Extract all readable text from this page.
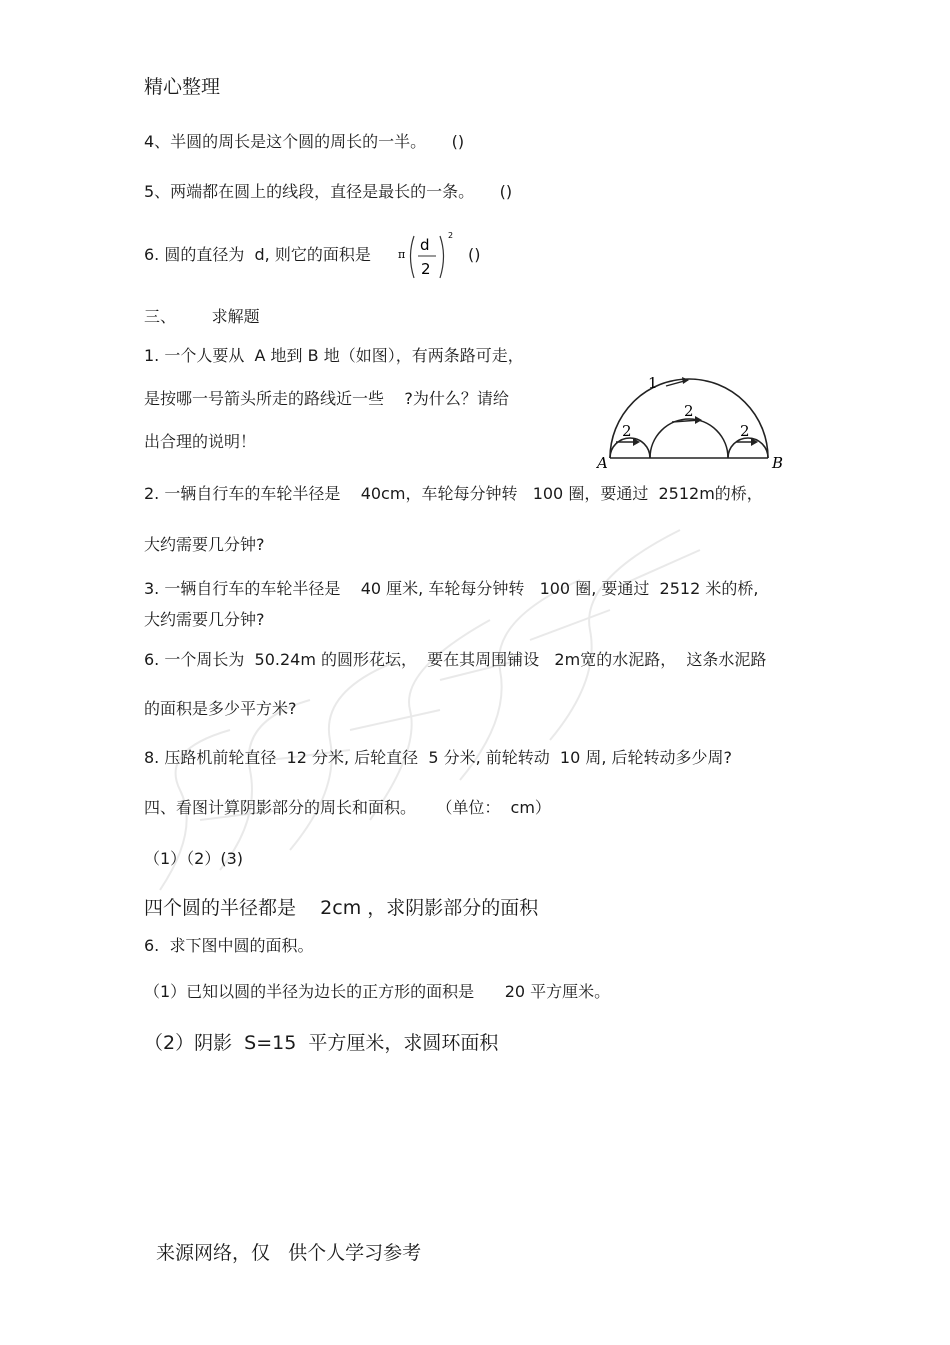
精心整理
4、半圆的周长是这个圆的周长的一半。     ()
5、两端都在圆上的线段，直径是最长的一条。     ()
6. 圆的直径为  d, 则它的面积是 π
d
2
2
()
三、       求解题
1. 一个人要从  A 地到 B 地（如图），有两条路可走，
是按哪一号箭头所走的路线近一些    ?为什么？请给
出合理的说明！
1
2
2
2
A	B
2. 一辆自行车的车轮半径是    40cm，车轮每分钟转   100 圈，要通过  2512m的桥，
大约需要几分钟?
3. 一辆自行车的车轮半径是    40 厘米, 车轮每分钟转   100 圈, 要通过  2512 米的桥,
大约需要几分钟?
6. 一个周长为  50.24m 的圆形花坛，  要在其周围铺设   2m宽的水泥路，  这条水泥路
的面积是多少平方米?
8. 压路机前轮直径  12 分米, 后轮直径  5 分米, 前轮转动  10 周, 后轮转动多少周?
四、看图计算阴影部分的周长和面积。    （单位：  cm）
（1）（2）(3)
四个圆的半径都是    2cm ，求阴影部分的面积
6.  求下图中圆的面积。
（1）已知以圆的半径为边长的正方形的面积是      20 平方厘米。
（2）阴影  S=15  平方厘米，求圆环面积
来源网络，仅   供个人学习参考
